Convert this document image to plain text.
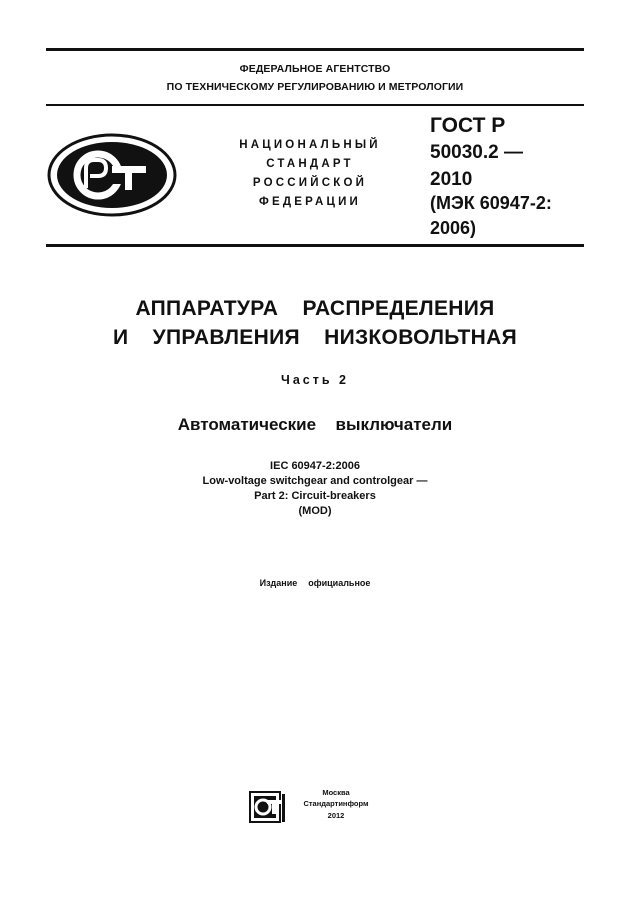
ФЕДЕРАЛЬНОЕ АГЕНТСТВО
ПО ТЕХНИЧЕСКОМУ РЕГУЛИРОВАНИЮ И МЕТРОЛОГИИ
НАЦИОНАЛЬНЫЙ
СТАНДАРТ
РОССИЙСКОЙ
ФЕДЕРАЦИИ
ГОСТ Р
50030.2 —
2010
(МЭК 60947-2:
2006)
АППАРАТУРА  РАСПРЕДЕЛЕНИЯ
И  УПРАВЛЕНИЯ  НИЗКОВОЛЬТНАЯ
Часть 2
Автоматические  выключатели
IEC 60947-2:2006
Low-voltage switchgear and controlgear —
Part 2: Circuit-breakers
(MOD)
Издание  официальное
Москва
Стандартинформ
2012
